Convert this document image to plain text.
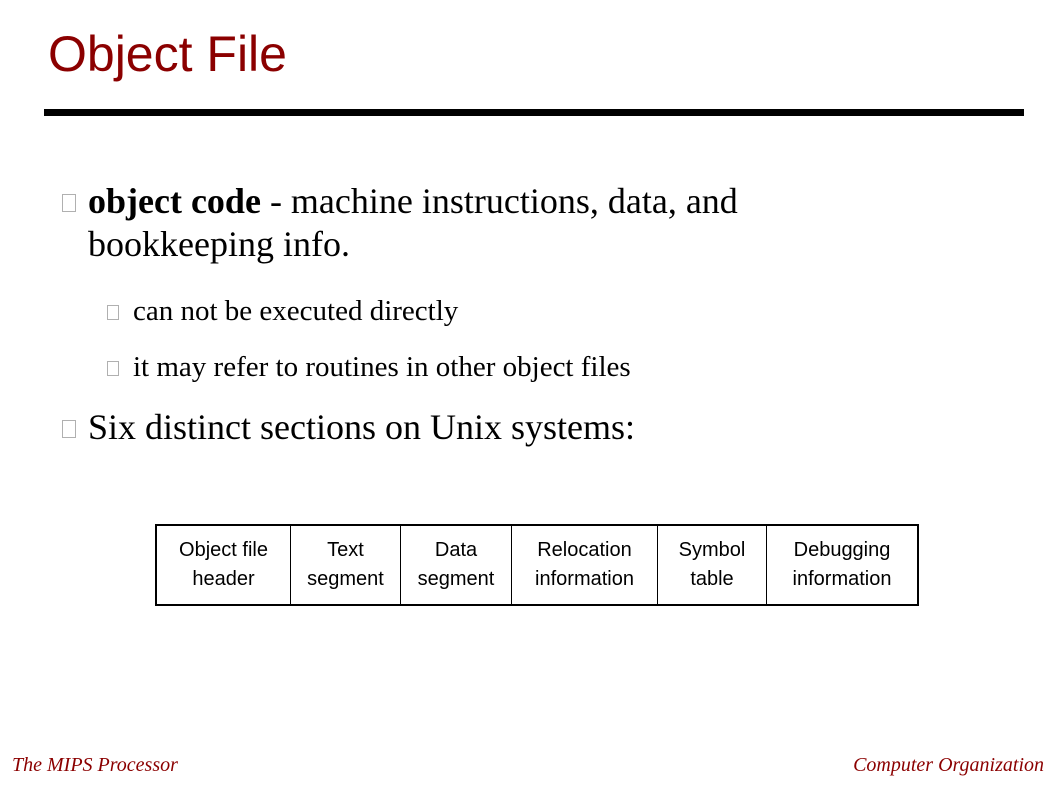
Object File
object code - machine instructions, data, and bookkeeping info.
can not be executed directly
it may refer to routines in other object files
Six distinct sections on Unix systems:
Object file header
Text segment
Data segment
Relocation information
Symbol table
Debugging information
The MIPS Processor	Computer Organization
